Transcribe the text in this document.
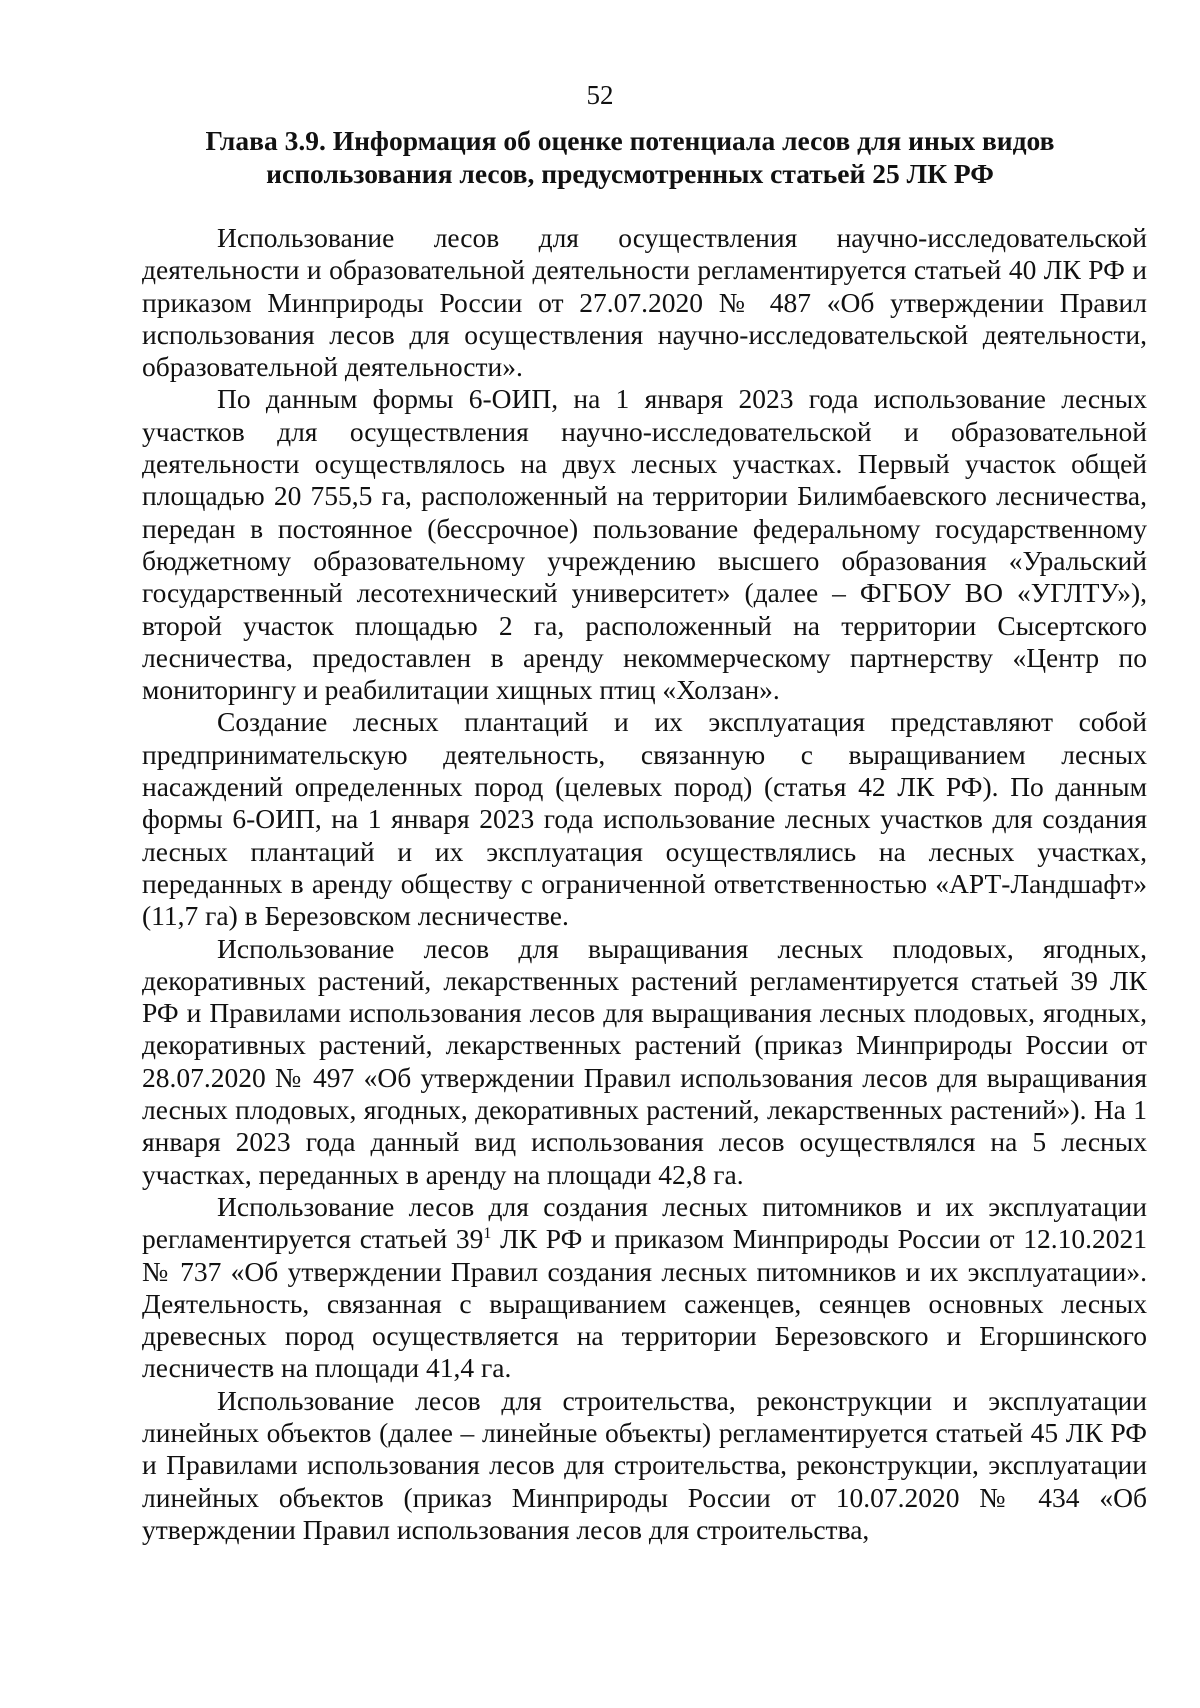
52
Глава 3.9. Информация об оценке потенциала лесов для иных видов использования лесов, предусмотренных статьей 25 ЛК РФ

Использование лесов для осуществления научно-исследовательской деятельности и образовательной деятельности регламентируется статьей 40 ЛК РФ и приказом Минприроды России от 27.07.2020 № 487 «Об утверждении Правил использования лесов для осуществления научно-исследовательской деятельности, образовательной деятельности».

По данным формы 6-ОИП, на 1 января 2023 года использование лесных участков для осуществления научно-исследовательской и образовательной деятельности осуществлялось на двух лесных участках. Первый участок общей площадью 20 755,5 га, расположенный на территории Билимбаевского лесничества, передан в постоянное (бессрочное) пользование федеральному государственному бюджетному образовательному учреждению высшего образования «Уральский государственный лесотехнический университет» (далее – ФГБОУ ВО «УГЛТУ»), второй участок площадью 2 га, расположенный на территории Сысертского лесничества, предоставлен в аренду некоммерческому партнерству «Центр по мониторингу и реабилитации хищных птиц «Холзан».

Создание лесных плантаций и их эксплуатация представляют собой предпринимательскую деятельность, связанную с выращиванием лесных насаждений определенных пород (целевых пород) (статья 42 ЛК РФ). По данным формы 6-ОИП, на 1 января 2023 года использование лесных участков для создания лесных плантаций и их эксплуатация осуществлялись на лесных участках, переданных в аренду обществу с ограниченной ответственностью «АРТ-Ландшафт» (11,7 га) в Березовском лесничестве.

Использование лесов для выращивания лесных плодовых, ягодных, декоративных растений, лекарственных растений регламентируется статьей 39 ЛК РФ и Правилами использования лесов для выращивания лесных плодовых, ягодных, декоративных растений, лекарственных растений (приказ Минприроды России от 28.07.2020 № 497 «Об утверждении Правил использования лесов для выращивания лесных плодовых, ягодных, декоративных растений, лекарственных растений»). На 1 января 2023 года данный вид использования лесов осуществлялся на 5 лесных участках, переданных в аренду на площади 42,8 га.

Использование лесов для создания лесных питомников и их эксплуатации регламентируется статьей $39^1$ ЛК РФ и приказом Минприроды России от 12.10.2021 № 737 «Об утверждении Правил создания лесных питомников и их эксплуатации». Деятельность, связанная с выращиванием саженцев, сеянцев основных лесных древесных пород осуществляется на территории Березовского и Егоршинского лесничеств на площади 41,4 га.

Использование лесов для строительства, реконструкции и эксплуатации линейных объектов (далее – линейные объекты) регламентируется статьей 45 ЛК РФ и Правилами использования лесов для строительства, реконструкции, эксплуатации линейных объектов (приказ Минприроды России от 10.07.2020 № 434 «Об утверждении Правил использования лесов для строительства,
